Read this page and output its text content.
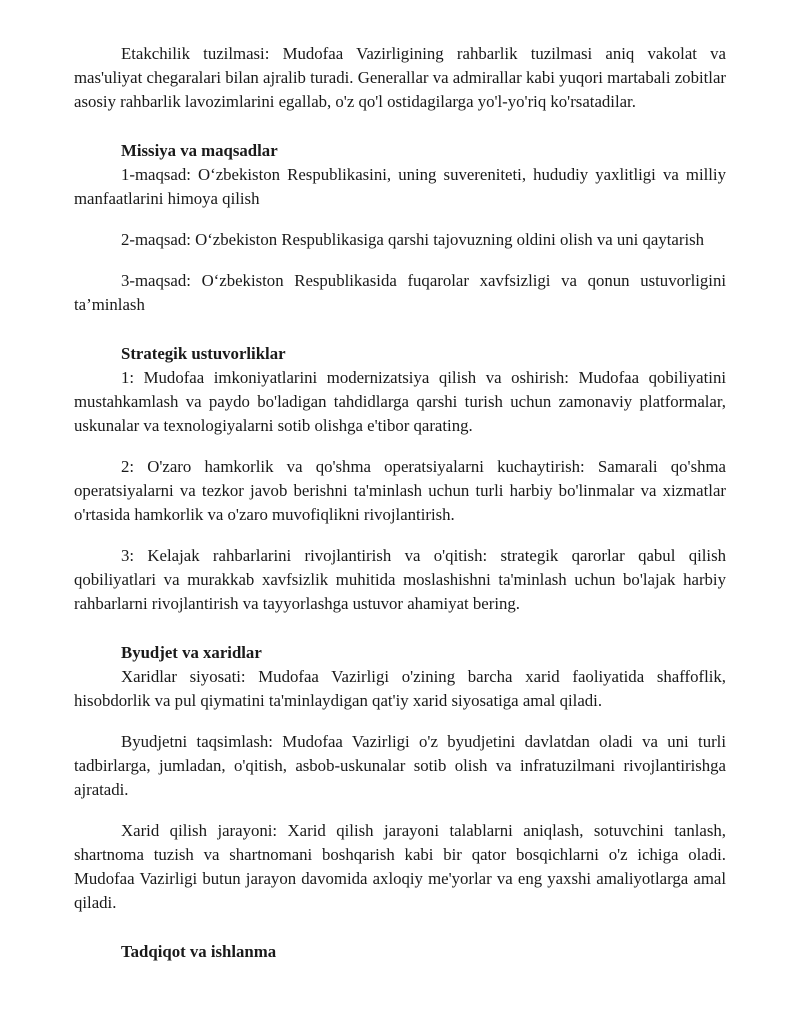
Etakchilik tuzilmasi: Mudofaa Vazirligining rahbarlik tuzilmasi aniq vakolat va mas'uliyat chegaralari bilan ajralib turadi. Generallar va admirallar kabi yuqori martabali zobitlar asosiy rahbarlik lavozimlarini egallab, o'z qo'l ostidagilarga yo'l-yo'riq ko'rsatadilar.

Missiya va maqsadlar

1-maqsad: O‘zbekiston Respublikasini, uning suvereniteti, hududiy yaxlitligi va milliy manfaatlarini himoya qilish

2-maqsad: O‘zbekiston Respublikasiga qarshi tajovuzning oldini olish va uni qaytarish

3-maqsad: O‘zbekiston Respublikasida fuqarolar xavfsizligi va qonun ustuvorligini ta’minlash

Strategik ustuvorliklar

1: Mudofaa imkoniyatlarini modernizatsiya qilish va oshirish: Mudofaa qobiliyatini mustahkamlash va paydo bo'ladigan tahdidlarga qarshi turish uchun zamonaviy platformalar, uskunalar va texnologiyalarni sotib olishga e'tibor qarating.

2: O'zaro hamkorlik va qo'shma operatsiyalarni kuchaytirish: Samarali qo'shma operatsiyalarni va tezkor javob berishni ta'minlash uchun turli harbiy bo'linmalar va xizmatlar o'rtasida hamkorlik va o'zaro muvofiqlikni rivojlantirish.

3: Kelajak rahbarlarini rivojlantirish va o'qitish: strategik qarorlar qabul qilish qobiliyatlari va murakkab xavfsizlik muhitida moslashishni ta'minlash uchun bo'lajak harbiy rahbarlarni rivojlantirish va tayyorlashga ustuvor ahamiyat bering.

Byudjet va xaridlar

Xaridlar siyosati: Mudofaa Vazirligi o'zining barcha xarid faoliyatida shaffoflik, hisobdorlik va pul qiymatini ta'minlaydigan qat'iy xarid siyosatiga amal qiladi.

Byudjetni taqsimlash: Mudofaa Vazirligi o'z byudjetini davlatdan oladi va uni turli tadbirlarga, jumladan, o'qitish, asbob-uskunalar sotib olish va infratuzilmani rivojlantirishga ajratadi.

Xarid qilish jarayoni: Xarid qilish jarayoni talablarni aniqlash, sotuvchini tanlash, shartnoma tuzish va shartnomani boshqarish kabi bir qator bosqichlarni o'z ichiga oladi. Mudofaa Vazirligi butun jarayon davomida axloqiy me'yorlar va eng yaxshi amaliyotlarga amal qiladi.

Tadqiqot va ishlanma
